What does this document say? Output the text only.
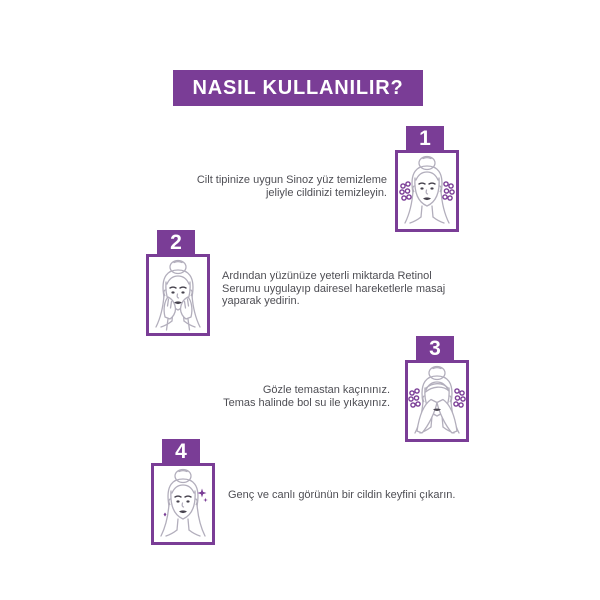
NASIL KULLANILIR?
1
Cilt tipinize uygun Sinoz yüz temizleme
jeliyle cildinizi temizleyin.
2
Ardından yüzünüze yeterli miktarda Retinol
Serumu uygulayıp dairesel hareketlerle masaj
yaparak yedirin.
3
Gözle temastan kaçınınız.
Temas halinde bol su ile yıkayınız.
4
Genç ve canlı görünün bir cildin keyfini çıkarın.
